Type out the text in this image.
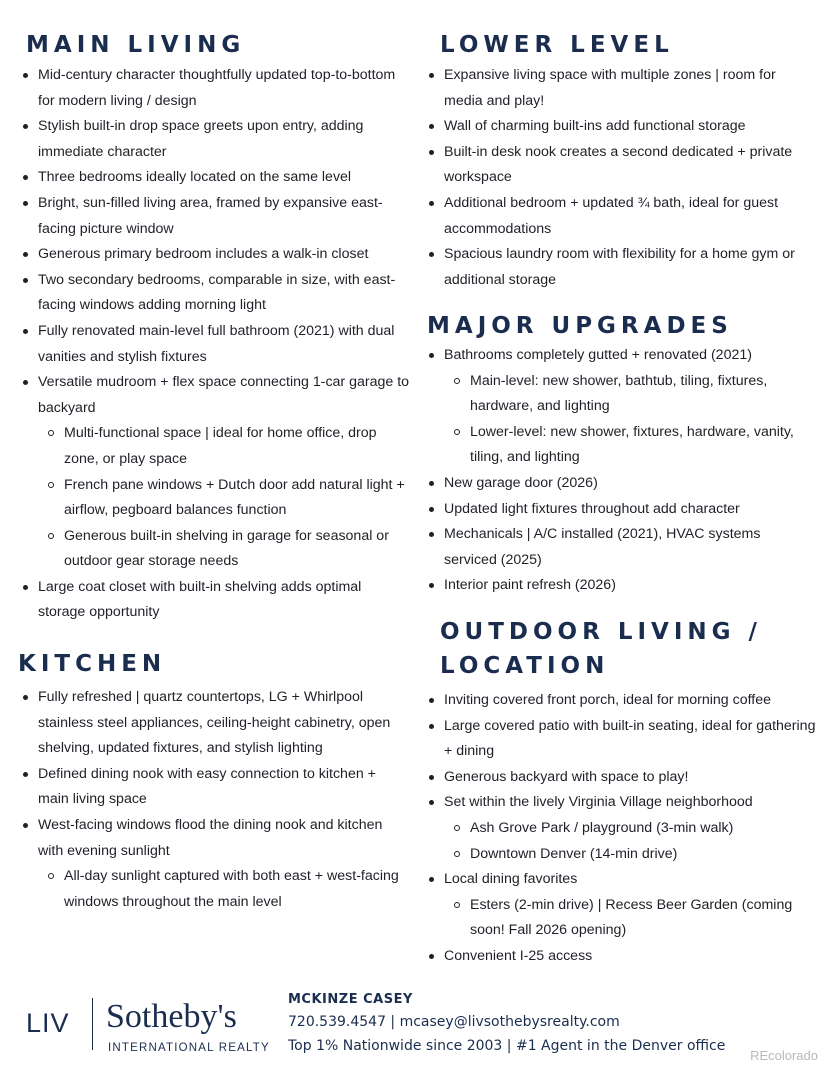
MAIN LIVING
Mid-century character thoughtfully updated top-to-bottom for modern living / design
Stylish built-in drop space greets upon entry, adding immediate character
Three bedrooms ideally located on the same level
Bright, sun-filled living area, framed by expansive east-facing picture window
Generous primary bedroom includes a walk-in closet
Two secondary bedrooms, comparable in size, with east-facing windows adding morning light
Fully renovated main-level full bathroom (2021) with dual vanities and stylish fixtures
Versatile mudroom + flex space connecting 1-car garage to backyard
Multi-functional space | ideal for home office, drop zone, or play space
French pane windows + Dutch door add natural light + airflow, pegboard balances function
Generous built-in shelving in garage for seasonal or outdoor gear storage needs
Large coat closet with built-in shelving adds optimal storage opportunity
KITCHEN
Fully refreshed | quartz countertops, LG + Whirlpool stainless steel appliances, ceiling-height cabinetry, open shelving, updated fixtures, and stylish lighting
Defined dining nook with easy connection to kitchen + main living space
West-facing windows flood the dining nook and kitchen with evening sunlight
All-day sunlight captured with both east + west-facing windows throughout the main level
LOWER LEVEL
Expansive living space with multiple zones | room for media and play!
Wall of charming built-ins add functional storage
Built-in desk nook creates a second dedicated + private workspace
Additional bedroom + updated ¾ bath, ideal for guest accommodations
Spacious laundry room with flexibility for a home gym or additional storage
MAJOR UPGRADES
Bathrooms completely gutted + renovated (2021)
Main-level: new shower, bathtub, tiling, fixtures, hardware, and lighting
Lower-level: new shower, fixtures, hardware, vanity, tiling, and lighting
New garage door (2026)
Updated light fixtures throughout add character
Mechanicals | A/C installed (2021), HVAC systems serviced (2025)
Interior paint refresh (2026)
OUTDOOR LIVING /
LOCATION
Inviting covered front porch, ideal for morning coffee
Large covered patio with built-in seating, ideal for gathering + dining
Generous backyard with space to play!
Set within the lively Virginia Village neighborhood
Ash Grove Park / playground (3-min walk)
Downtown Denver (14-min drive)
Local dining favorites
Esters (2-min drive) | Recess Beer Garden (coming soon! Fall 2026 opening)
Convenient I-25 access
LIV Sotheby's
INTERNATIONAL REALTY
MCKINZE CASEY
720.539.4547 | mcasey@livsothebysrealty.com
Top 1% Nationwide since 2003 | #1 Agent in the Denver office
REcolorado
